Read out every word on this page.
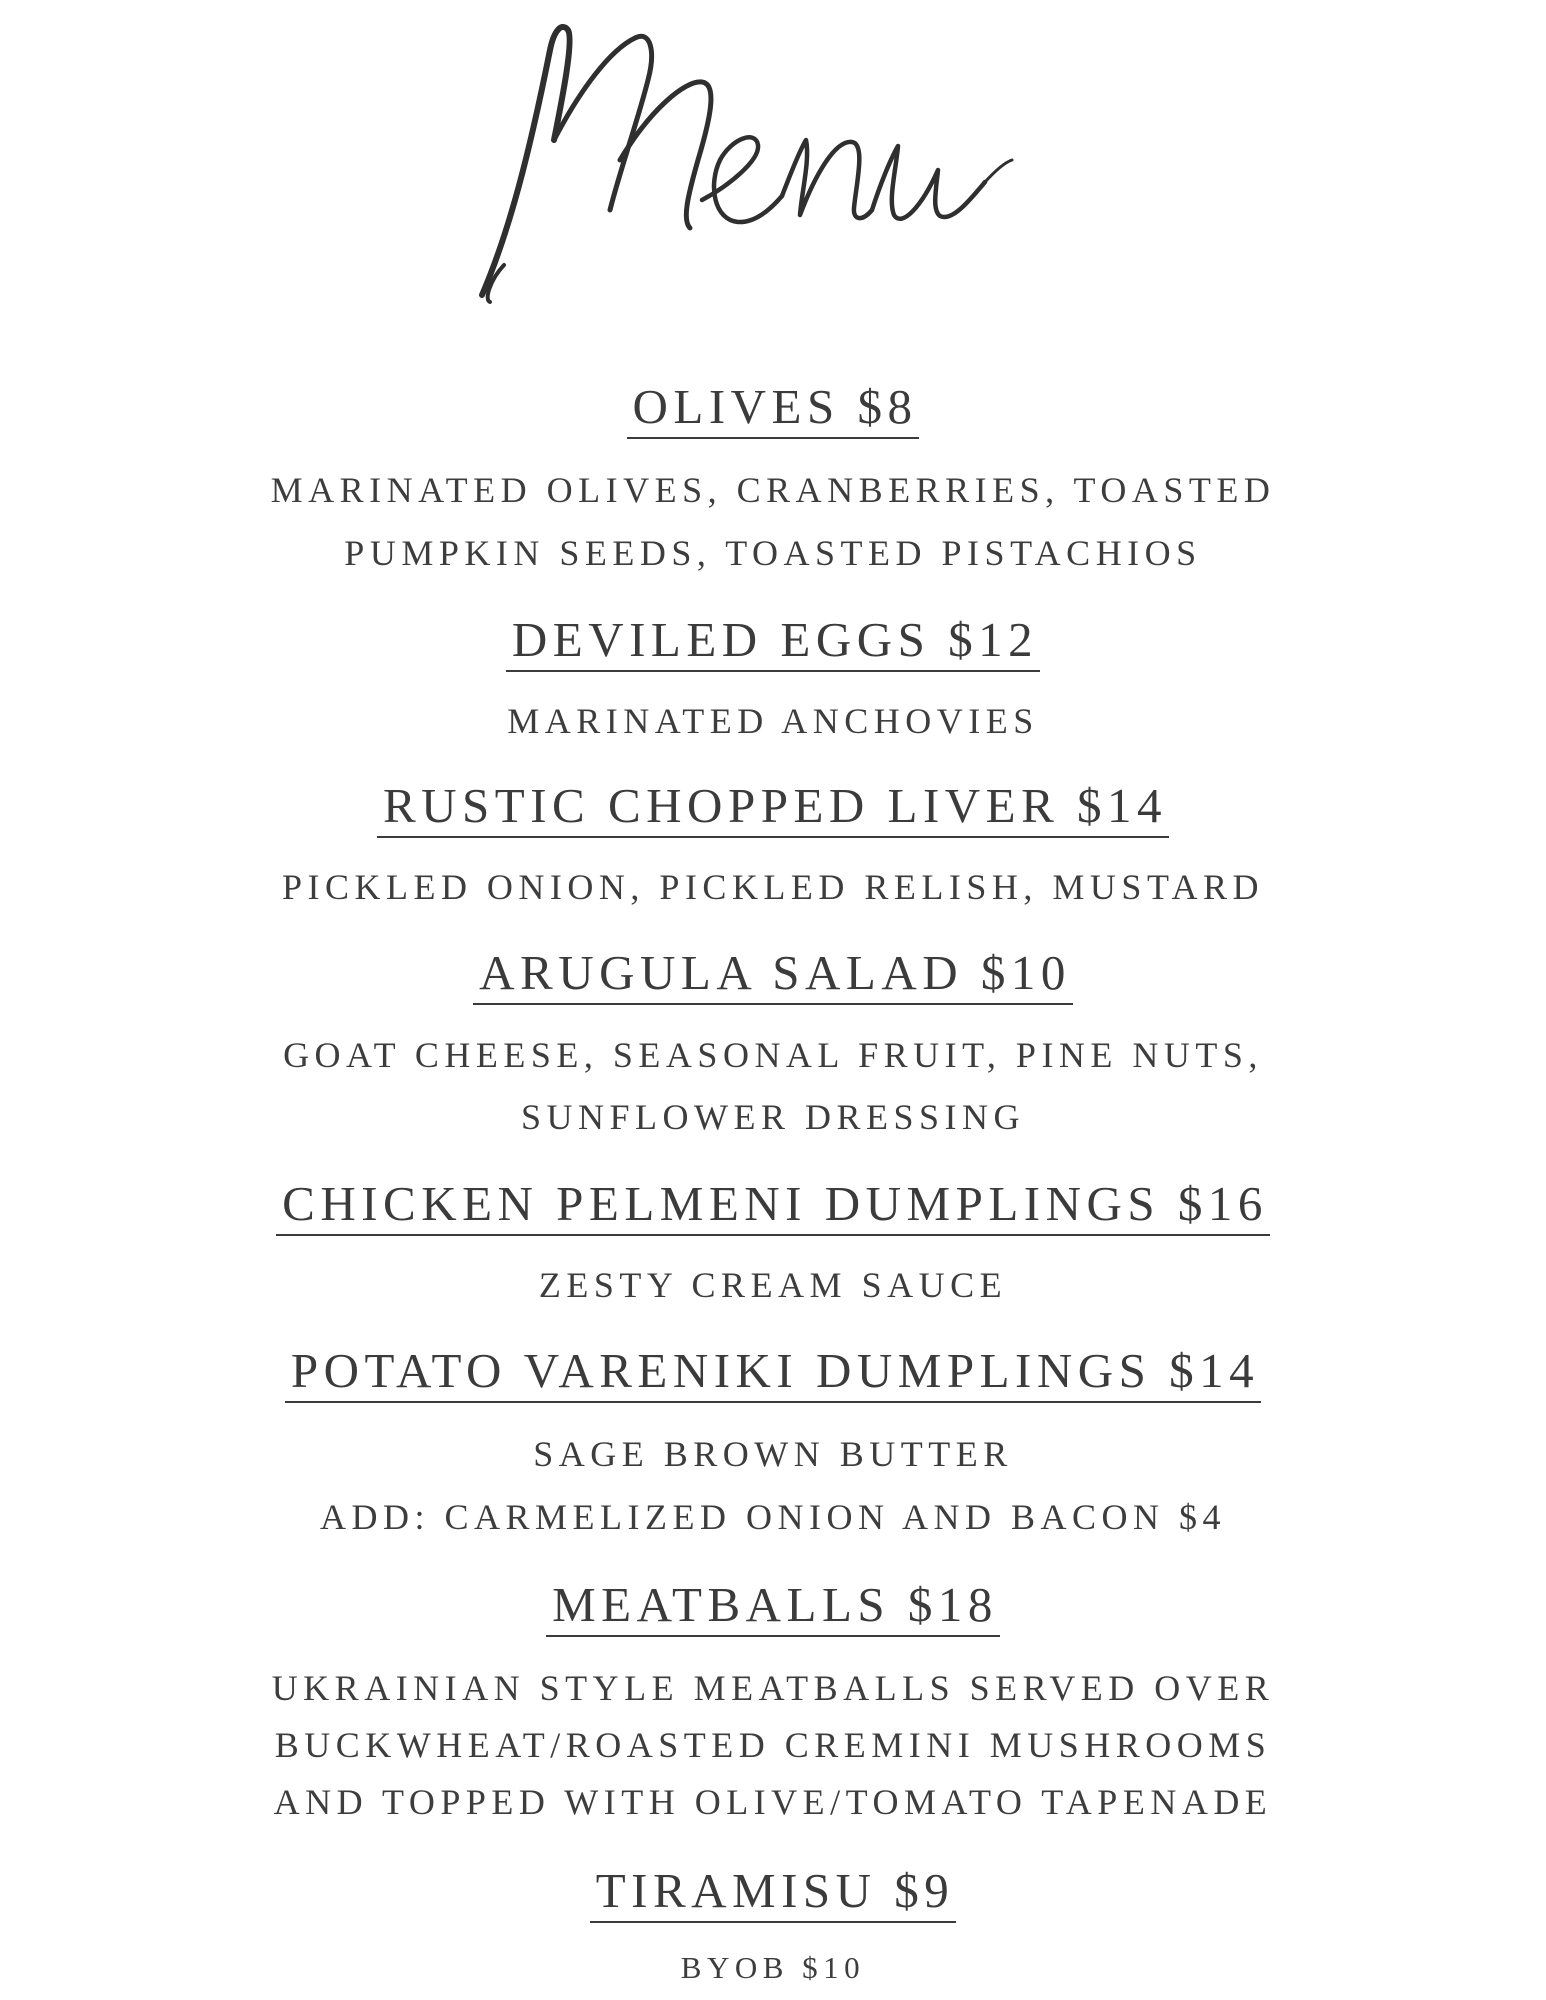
OLIVES $8
MARINATED OLIVES, CRANBERRIES, TOASTED
PUMPKIN SEEDS, TOASTED PISTACHIOS
DEVILED EGGS $12
MARINATED ANCHOVIES
RUSTIC CHOPPED LIVER $14
PICKLED ONION, PICKLED RELISH, MUSTARD
ARUGULA SALAD $10
GOAT CHEESE, SEASONAL FRUIT, PINE NUTS,
SUNFLOWER DRESSING
CHICKEN PELMENI DUMPLINGS $16
ZESTY CREAM SAUCE
POTATO VARENIKI DUMPLINGS $14
SAGE BROWN BUTTER
ADD: CARMELIZED ONION AND BACON $4
MEATBALLS $18
UKRAINIAN STYLE MEATBALLS SERVED OVER
BUCKWHEAT/ROASTED CREMINI MUSHROOMS
AND TOPPED WITH OLIVE/TOMATO TAPENADE
TIRAMISU $9
BYOB $10
